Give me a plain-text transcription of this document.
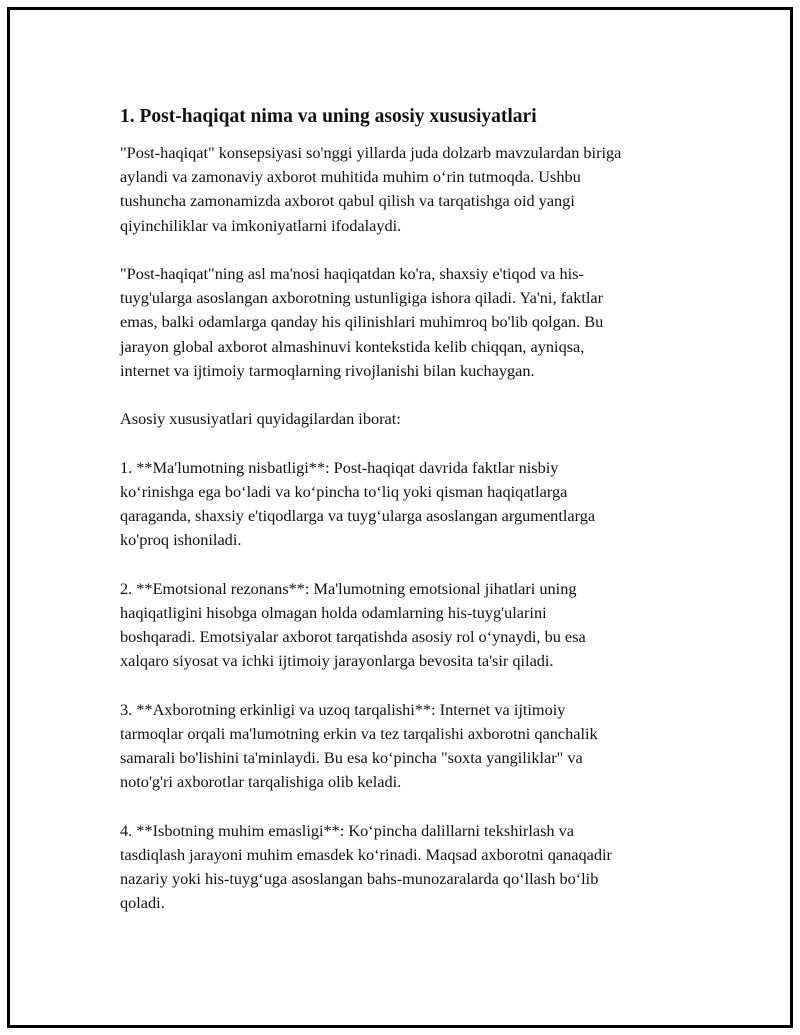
1. Post-haqiqat nima va uning asosiy xususiyatlari

"Post-haqiqat" konsepsiyasi so'nggi yillarda juda dolzarb mavzulardan biriga
aylandi va zamonaviy axborot muhitida muhim o‘rin tutmoqda. Ushbu
tushuncha zamonamizda axborot qabul qilish va tarqatishga oid yangi
qiyinchiliklar va imkoniyatlarni ifodalaydi.

"Post-haqiqat"ning asl ma'nosi haqiqatdan ko'ra, shaxsiy e'tiqod va his-
tuyg'ularga asoslangan axborotning ustunligiga ishora qiladi. Ya'ni, faktlar
emas, balki odamlarga qanday his qilinishlari muhimroq bo'lib qolgan. Bu
jarayon global axborot almashinuvi kontekstida kelib chiqqan, ayniqsa,
internet va ijtimoiy tarmoqlarning rivojlanishi bilan kuchaygan.

Asosiy xususiyatlari quyidagilardan iborat:

1. **Ma'lumotning nisbatligi**: Post-haqiqat davrida faktlar nisbiy
ko‘rinishga ega bo‘ladi va ko‘pincha to‘liq yoki qisman haqiqatlarga
qaraganda, shaxsiy e'tiqodlarga va tuyg‘ularga asoslangan argumentlarga
ko'proq ishoniladi.

2. **Emotsional rezonans**: Ma'lumotning emotsional jihatlari uning
haqiqatligini hisobga olmagan holda odamlarning his-tuyg'ularini
boshqaradi. Emotsiyalar axborot tarqatishda asosiy rol o‘ynaydi, bu esa
xalqaro siyosat va ichki ijtimoiy jarayonlarga bevosita ta'sir qiladi.

3. **Axborotning erkinligi va uzoq tarqalishi**: Internet va ijtimoiy
tarmoqlar orqali ma'lumotning erkin va tez tarqalishi axborotni qanchalik
samarali bo'lishini ta'minlaydi. Bu esa ko‘pincha "soxta yangiliklar" va
noto'g'ri axborotlar tarqalishiga olib keladi.

4. **Isbotning muhim emasligi**: Ko‘pincha dalillarni tekshirlash va
tasdiqlash jarayoni muhim emasdek ko‘rinadi. Maqsad axborotni qanaqadir
nazariy yoki his-tuyg‘uga asoslangan bahs-munozaralarda qo‘llash bo‘lib
qoladi.
